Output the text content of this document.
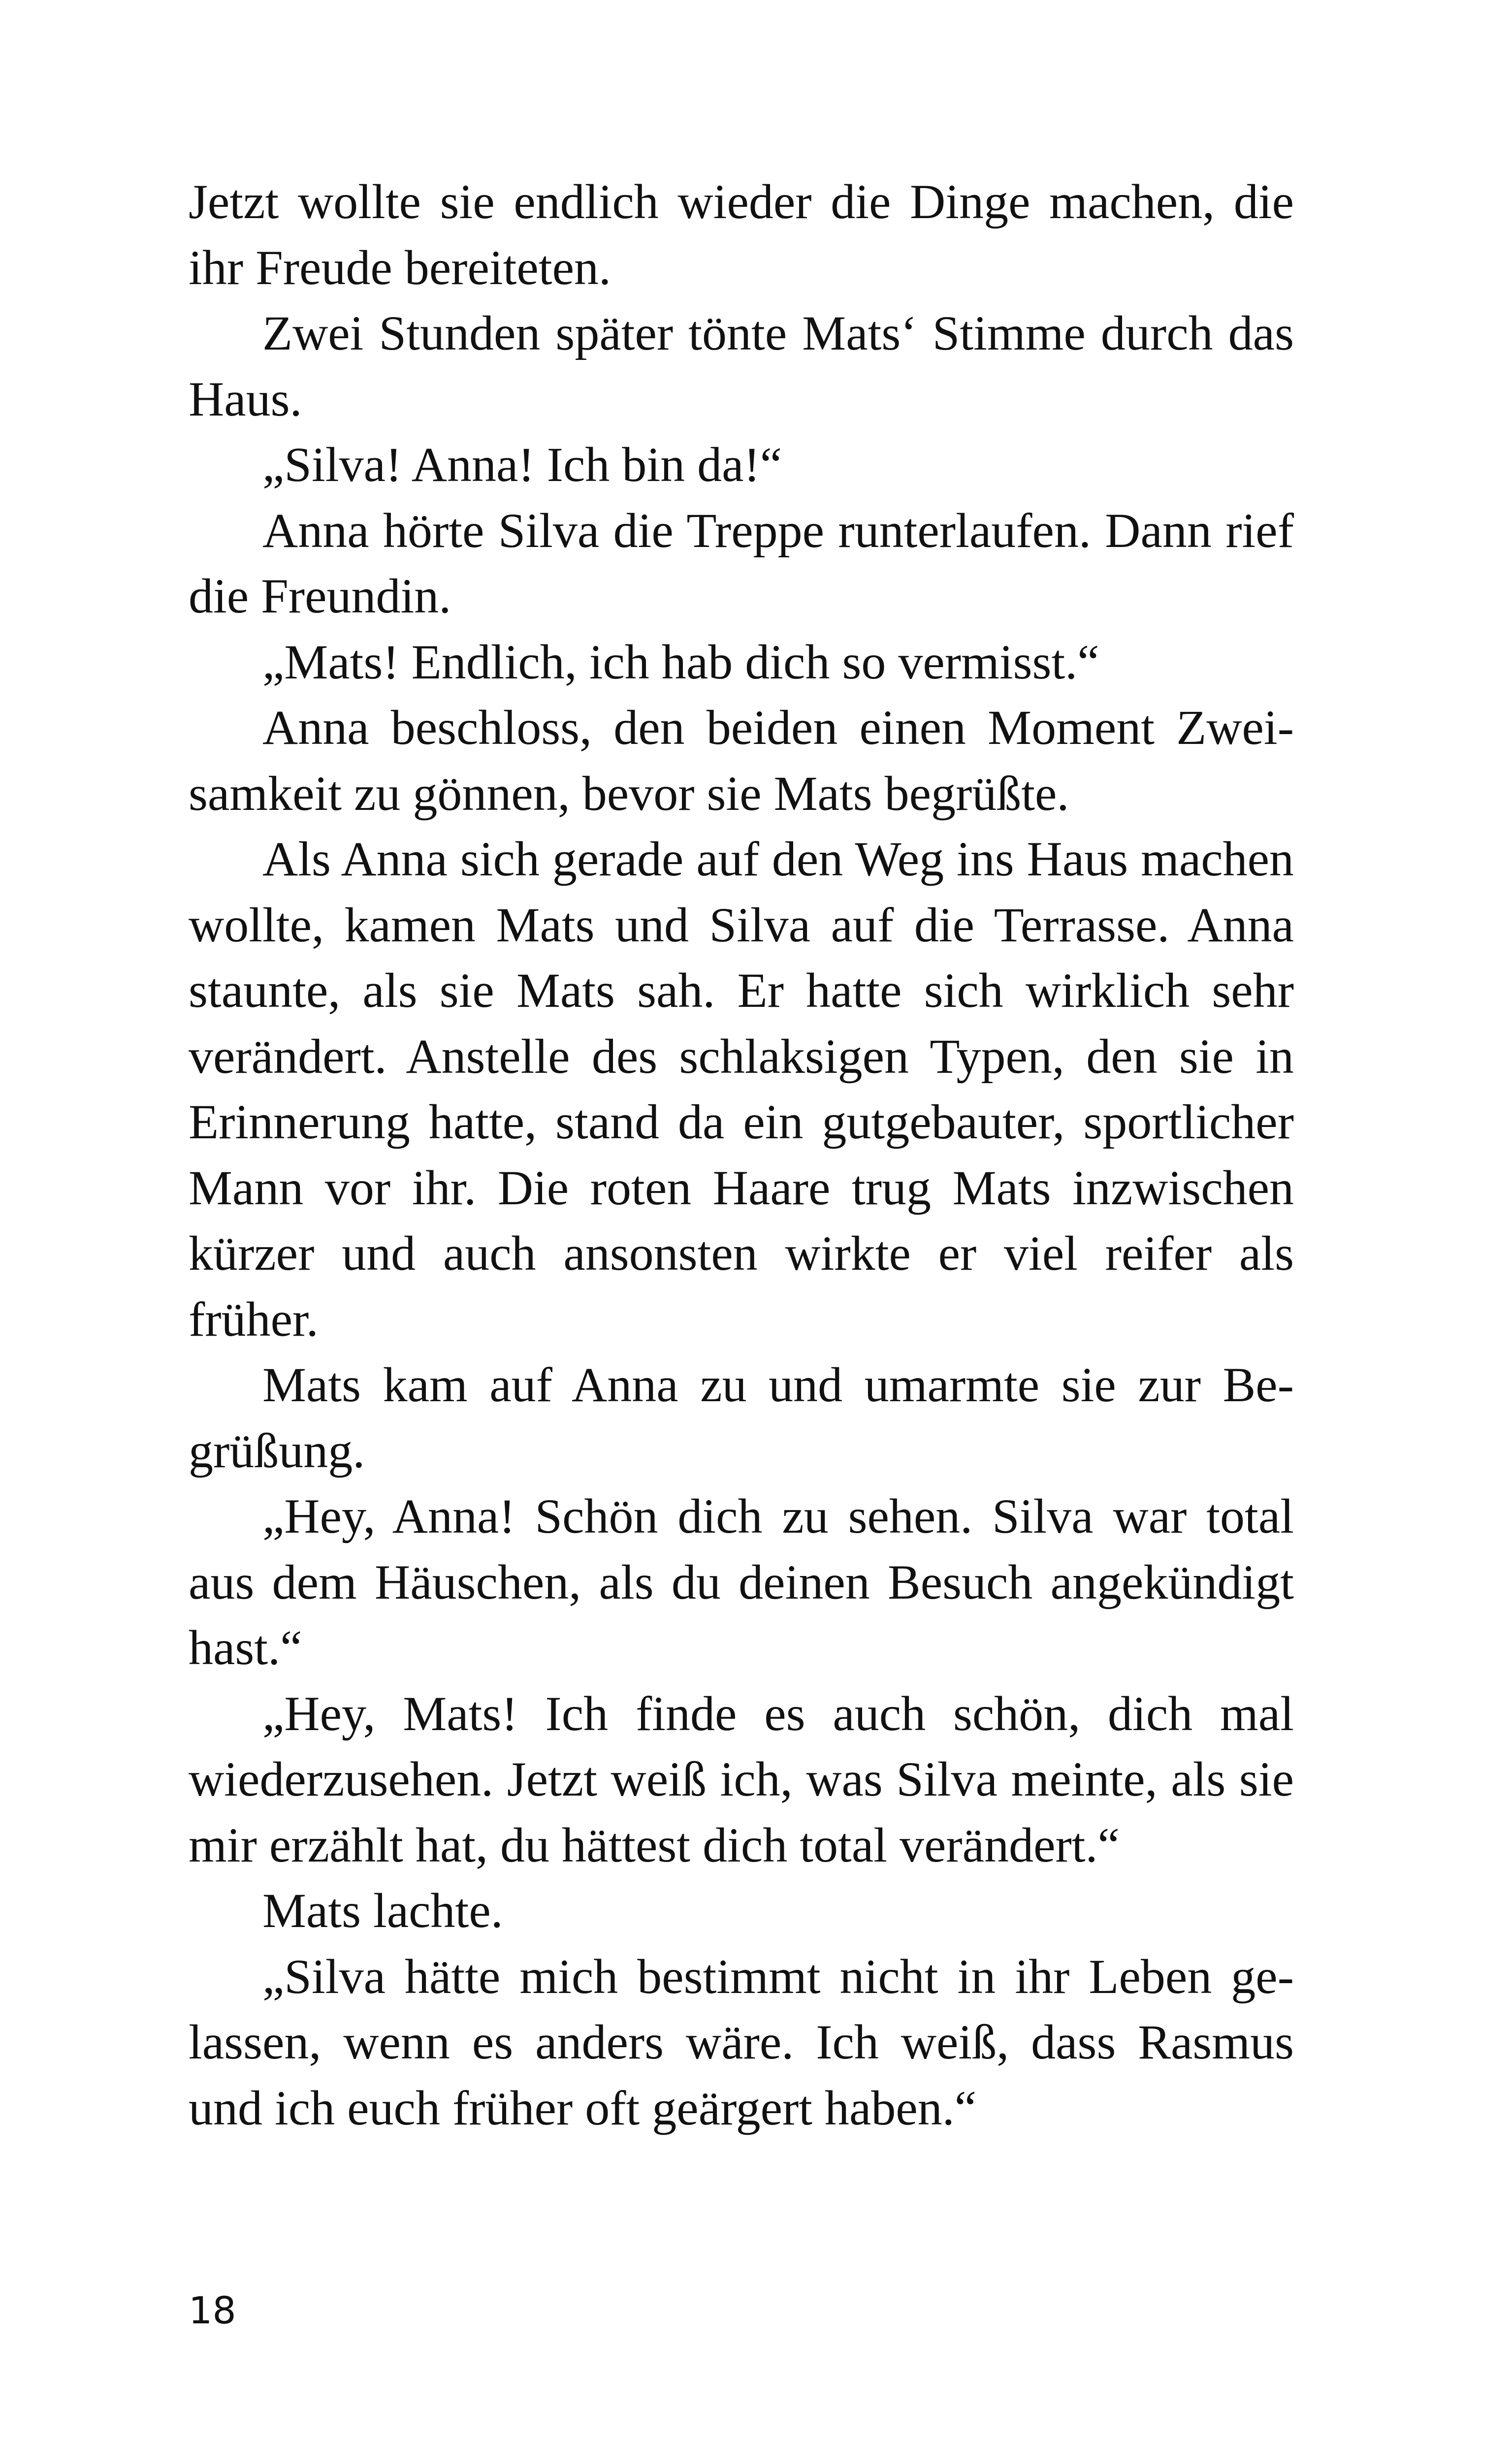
Jetzt wollte sie endlich wieder die Dinge machen, die ihr Freude bereiteten.

Zwei Stunden später tönte Mats‘ Stimme durch das Haus.

„Silva! Anna! Ich bin da!“

Anna hörte Silva die Treppe runterlaufen. Dann rief die Freundin.

„Mats! Endlich, ich hab dich so vermisst.“

Anna beschloss, den beiden einen Moment Zweisamkeit zu gönnen, bevor sie Mats begrüßte.

Als Anna sich gerade auf den Weg ins Haus machen wollte, kamen Mats und Silva auf die Terrasse. Anna staunte, als sie Mats sah. Er hatte sich wirklich sehr verändert. Anstelle des schlaksigen Typen, den sie in Erinnerung hatte, stand da ein gutgebauter, sportlicher Mann vor ihr. Die roten Haare trug Mats inzwischen kürzer und auch ansonsten wirkte er viel reifer als früher.

Mats kam auf Anna zu und umarmte sie zur Begrüßung.

„Hey, Anna! Schön dich zu sehen. Silva war total aus dem Häuschen, als du deinen Besuch angekündigt hast.“

„Hey, Mats! Ich finde es auch schön, dich mal wiederzusehen. Jetzt weiß ich, was Silva meinte, als sie mir erzählt hat, du hättest dich total verändert.“

Mats lachte.

„Silva hätte mich bestimmt nicht in ihr Leben gelassen, wenn es anders wäre. Ich weiß, dass Rasmus und ich euch früher oft geärgert haben.“

18
